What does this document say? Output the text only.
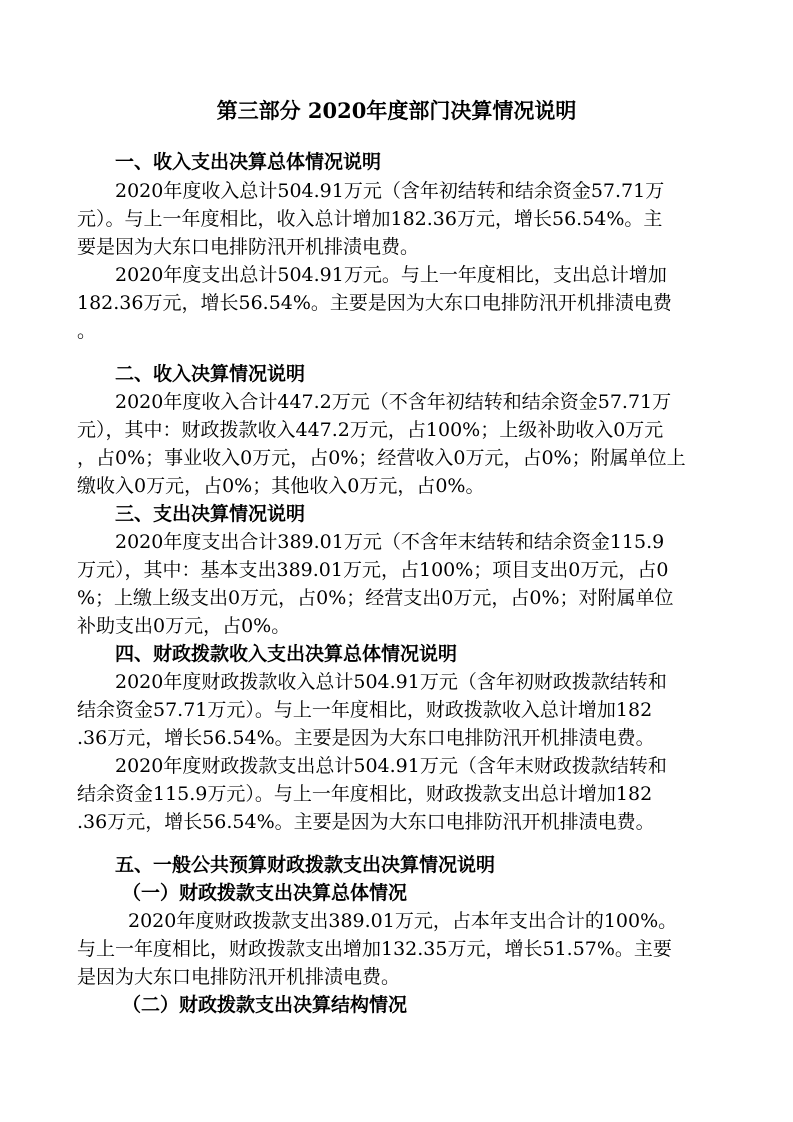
第三部分 2020年度部门决算情况说明
一、收入支出决算总体情况说明
2020年度收入总计504.91万元（含年初结转和结余资金57.71万
元）。与上一年度相比，收入总计增加182.36万元，增长56.54%。主
要是因为大东口电排防汛开机排渍电费。
2020年度支出总计504.91万元。与上一年度相比，支出总计增加
182.36万元，增长56.54%。主要是因为大东口电排防汛开机排渍电费
。
二、收入决算情况说明
2020年度收入合计447.2万元（不含年初结转和结余资金57.71万
元），其中：财政拨款收入447.2万元，占100%；上级补助收入0万元
，占0%；事业收入0万元，占0%；经营收入0万元，占0%；附属单位上
缴收入0万元，占0%；其他收入0万元，占0%。
三、支出决算情况说明
2020年度支出合计389.01万元（不含年末结转和结余资金115.9
万元），其中：基本支出389.01万元，占100%；项目支出0万元，占0
%；上缴上级支出0万元，占0%；经营支出0万元，占0%；对附属单位
补助支出0万元，占0%。
四、财政拨款收入支出决算总体情况说明
2020年度财政拨款收入总计504.91万元（含年初财政拨款结转和
结余资金57.71万元）。与上一年度相比，财政拨款收入总计增加182
.36万元，增长56.54%。主要是因为大东口电排防汛开机排渍电费。
2020年度财政拨款支出总计504.91万元（含年末财政拨款结转和
结余资金115.9万元）。与上一年度相比，财政拨款支出总计增加182
.36万元，增长56.54%。主要是因为大东口电排防汛开机排渍电费。
五、一般公共预算财政拨款支出决算情况说明
（一）财政拨款支出决算总体情况
2020年度财政拨款支出389.01万元，占本年支出合计的100%。
与上一年度相比，财政拨款支出增加132.35万元，增长51.57%。主要
是因为大东口电排防汛开机排渍电费。
（二）财政拨款支出决算结构情况
